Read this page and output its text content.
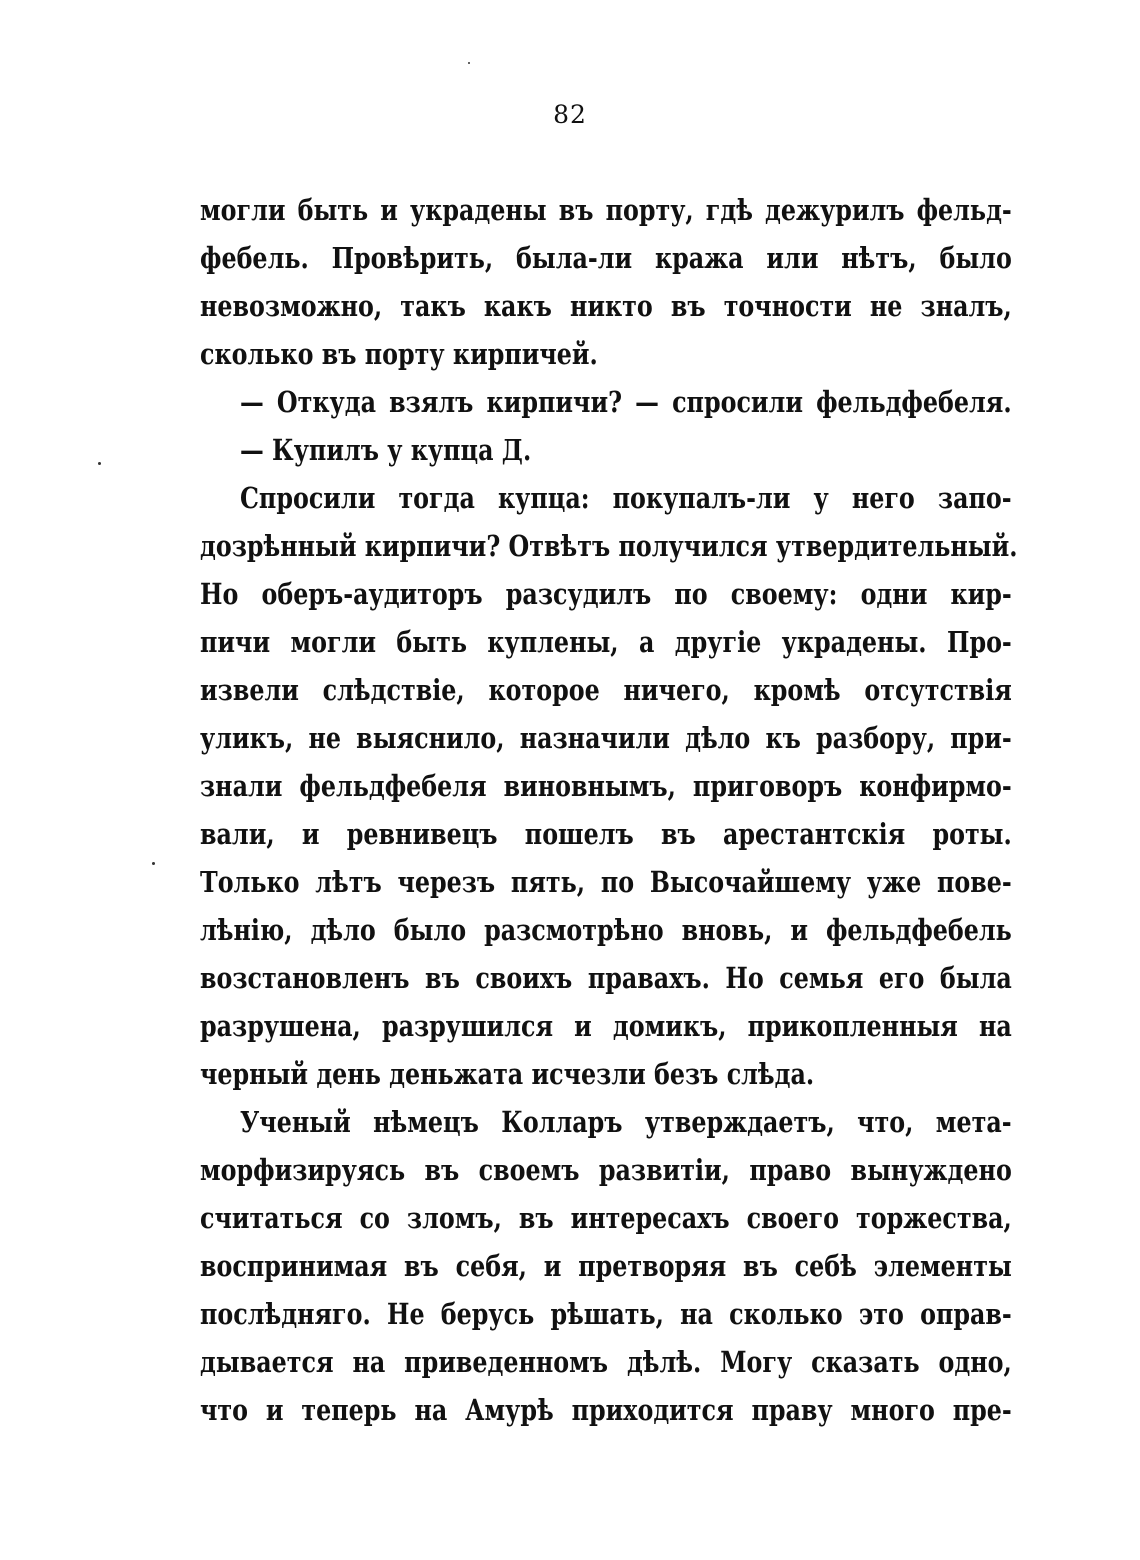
82
могли быть и украдены въ порту, гдѣ дежурилъ фельд-
фебель. Провѣрить, была-ли кража или нѣтъ, было
невозможно, такъ какъ никто въ точности не зналъ,
сколько въ порту кирпичей.
— Откуда взялъ кирпичи? — спросили фельдфебеля.
— Купилъ у купца Д.
Спросили тогда купца: покупалъ-ли у него запо-
дозрѣнный кирпичи? Отвѣтъ получился утвердительный.
Но оберъ-аудиторъ разсудилъ по своему: одни кир-
пичи могли быть куплены, а другіе украдены. Про-
извели слѣдствіе, которое ничего, кромѣ отсутствія
уликъ, не выяснило, назначили дѣло къ разбору, при-
знали фельдфебеля виновнымъ, приговоръ конфирмо-
вали, и ревнивецъ пошелъ въ арестантскія роты.
Только лѣтъ черезъ пять, по Высочайшему уже пове-
лѣнію, дѣло было разсмотрѣно вновь, и фельдфебель
возстановленъ въ своихъ правахъ. Но семья его была
разрушена, разрушился и домикъ, прикопленныя на
черный день деньжата исчезли безъ слѣда.
Ученый нѣмецъ Колларъ утверждаетъ, что, мета-
морфизируясь въ своемъ развитіи, право вынуждено
считаться со зломъ, въ интересахъ своего торжества,
воспринимая въ себя, и претворяя въ себѣ элементы
послѣдняго. Не берусь рѣшать, на сколько это оправ-
дывается на приведенномъ дѣлѣ. Могу сказать одно,
что и теперь на Амурѣ приходится праву много пре-
